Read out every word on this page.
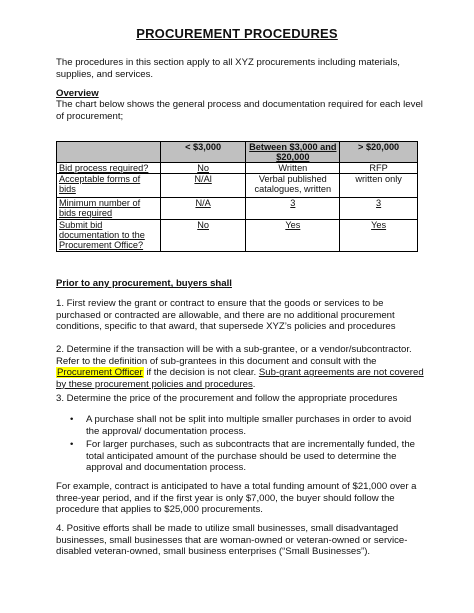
PROCUREMENT PROCEDURES
The procedures in this section apply to all XYZ procurements including materials, supplies, and services.
Overview
The chart below shows the general process and documentation required for each level of procurement;
	< $3,000	Between $3,000 and $20,000	> $20,000
Bid process required?	No	Written	RFP
Acceptable forms of bids	N/Al	Verbal published catalogues, written	written only
Minimum number of bids required	N/A	3	3
Submit bid documentation to the Procurement Office?	No	Yes	Yes
Prior to any procurement, buyers shall
1. First review the grant or contract to ensure that the goods or services to be purchased or contracted are allowable, and there are no additional procurement conditions, specific to that award, that supersede XYZ’s policies and procedures
2. Determine if the transaction will be with a sub-grantee, or a vendor/subcontractor. Refer to the definition of sub-grantees in this document and consult with the Procurement Officer if the decision is not clear. Sub-grant agreements are not covered by these procurement policies and procedures.
3. Determine the price of the procurement and follow the appropriate procedures
• A purchase shall not be split into multiple smaller purchases in order to avoid the approval/ documentation process.
• For larger purchases, such as subcontracts that are incrementally funded, the total anticipated amount of the purchase should be used to determine the approval and documentation process.
For example, contract is anticipated to have a total funding amount of $21,000 over a three-year period, and if the first year is only $7,000, the buyer should follow the procedure that applies to $25,000 procurements.
4. Positive efforts shall be made to utilize small businesses, small disadvantaged businesses, small businesses that are woman-owned or veteran-owned or service-disabled veteran-owned, small business enterprises (“Small Businesses”).
